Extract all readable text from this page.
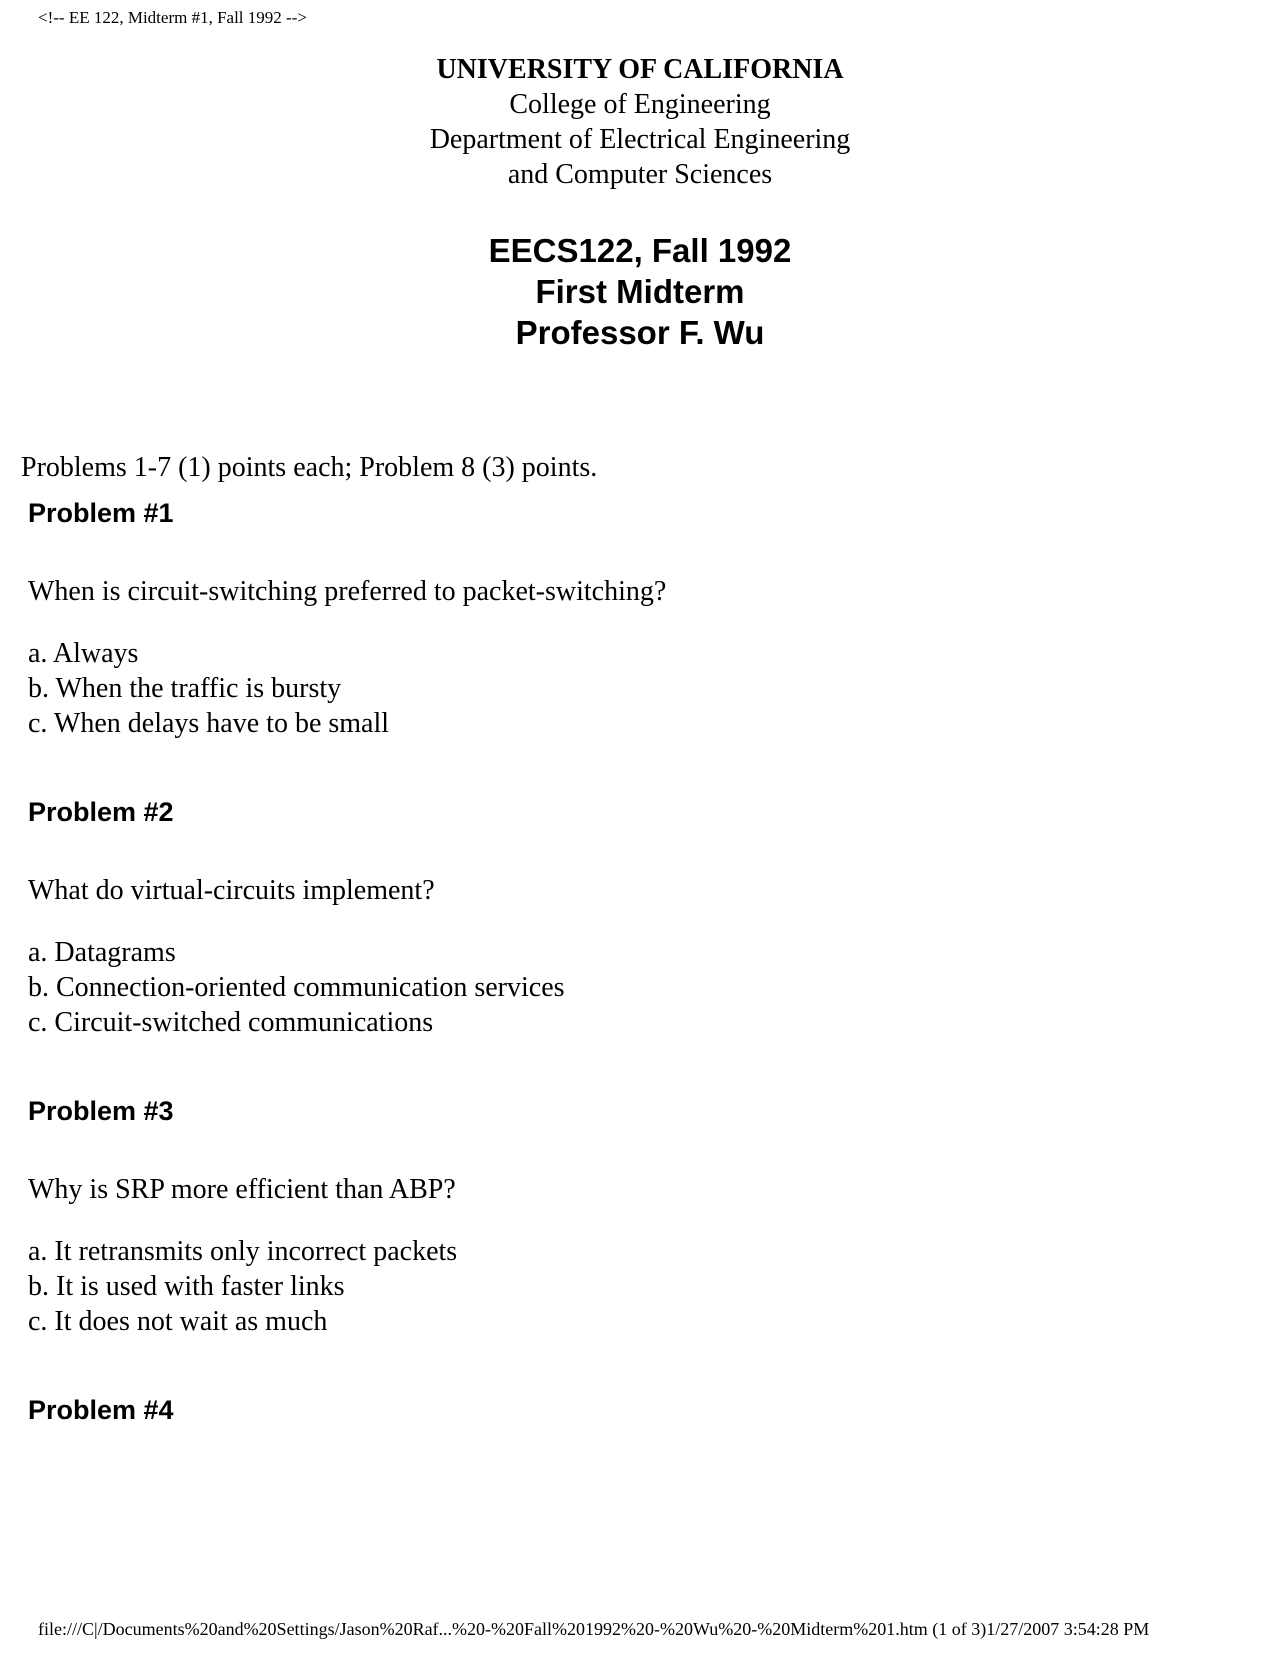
<!-- EE 122, Midterm #1, Fall 1992 -->
UNIVERSITY OF CALIFORNIA
College of Engineering
Department of Electrical Engineering
and Computer Sciences
EECS122, Fall 1992
First Midterm
Professor F. Wu
Problems 1-7 (1) points each; Problem 8 (3) points.
Problem #1
When is circuit-switching preferred to packet-switching?
a. Always
b. When the traffic is bursty
c. When delays have to be small
Problem #2
What do virtual-circuits implement?
a. Datagrams
b. Connection-oriented communication services
c. Circuit-switched communications
Problem #3
Why is SRP more efficient than ABP?
a. It retransmits only incorrect packets
b. It is used with faster links
c. It does not wait as much
Problem #4
file:///C|/Documents%20and%20Settings/Jason%20Raf...%20-%20Fall%201992%20-%20Wu%20-%20Midterm%201.htm (1 of 3)1/27/2007 3:54:28 PM
